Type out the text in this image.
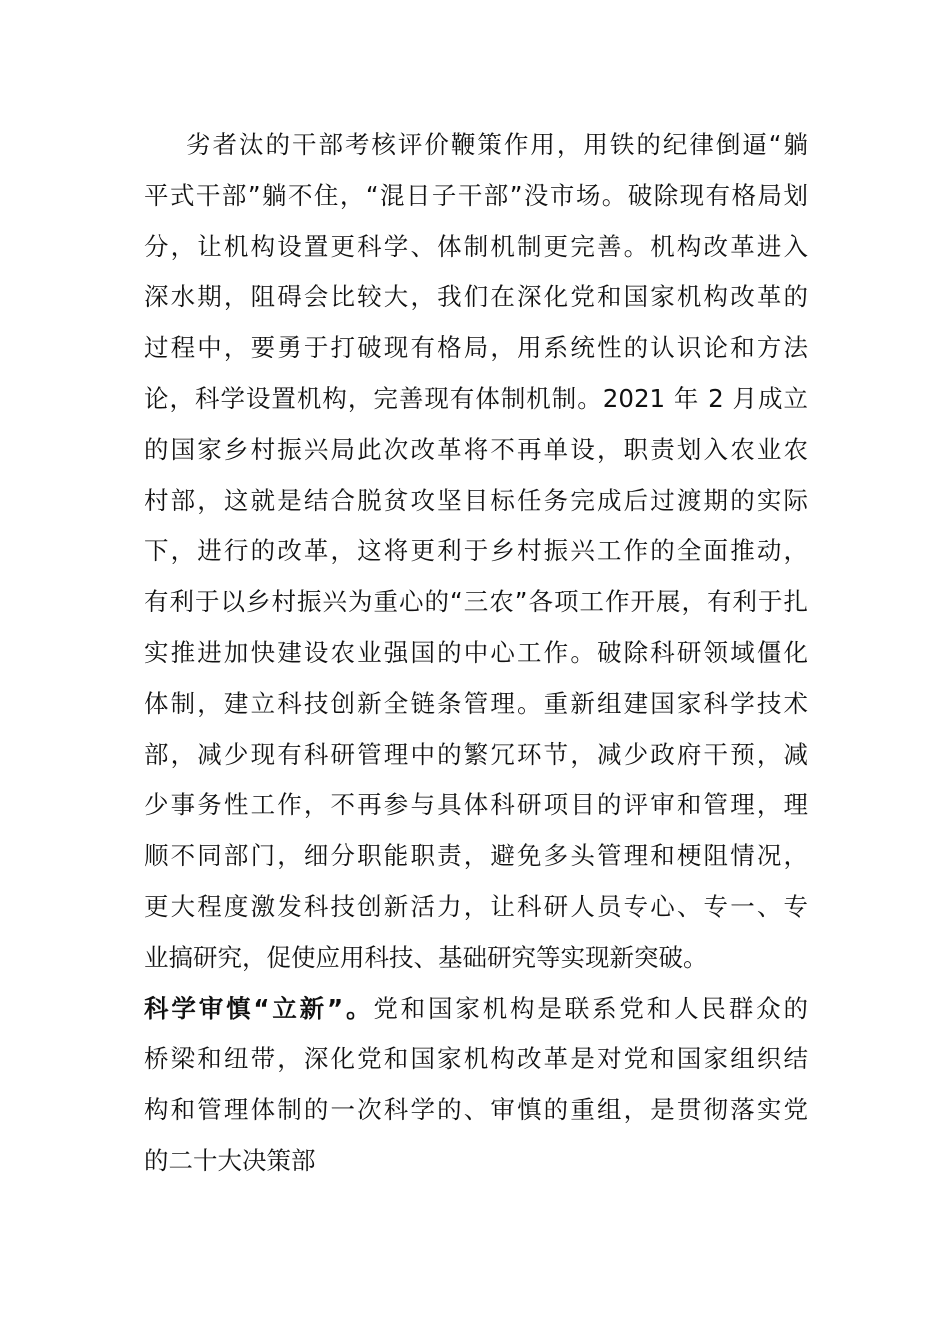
劣者汰的干部考核评价鞭策作用，用铁的纪律倒逼“躺
平式干部”躺不住，“混日子干部”没市场。破除现有格局划
分，让机构设置更科学、体制机制更完善。机构改革进入
深水期，阻碍会比较大，我们在深化党和国家机构改革的
过程中，要勇于打破现有格局，用系统性的认识论和方法
论，科学设置机构，完善现有体制机制。2021 年 2 月成立
的国家乡村振兴局此次改革将不再单设，职责划入农业农
村部，这就是结合脱贫攻坚目标任务完成后过渡期的实际
下，进行的改革，这将更利于乡村振兴工作的全面推动，
有利于以乡村振兴为重心的“三农”各项工作开展，有利于扎
实推进加快建设农业强国的中心工作。破除科研领域僵化
体制，建立科技创新全链条管理。重新组建国家科学技术
部，减少现有科研管理中的繁冗环节，减少政府干预，减
少事务性工作，不再参与具体科研项目的评审和管理，理
顺不同部门，细分职能职责，避免多头管理和梗阻情况，
更大程度激发科技创新活力，让科研人员专心、专一、专
业搞研究，促使应用科技、基础研究等实现新突破。
科学审慎“立新”。党和国家机构是联系党和人民群众的
桥梁和纽带，深化党和国家机构改革是对党和国家组织结
构和管理体制的一次科学的、审慎的重组，是贯彻落实党
的二十大决策部
